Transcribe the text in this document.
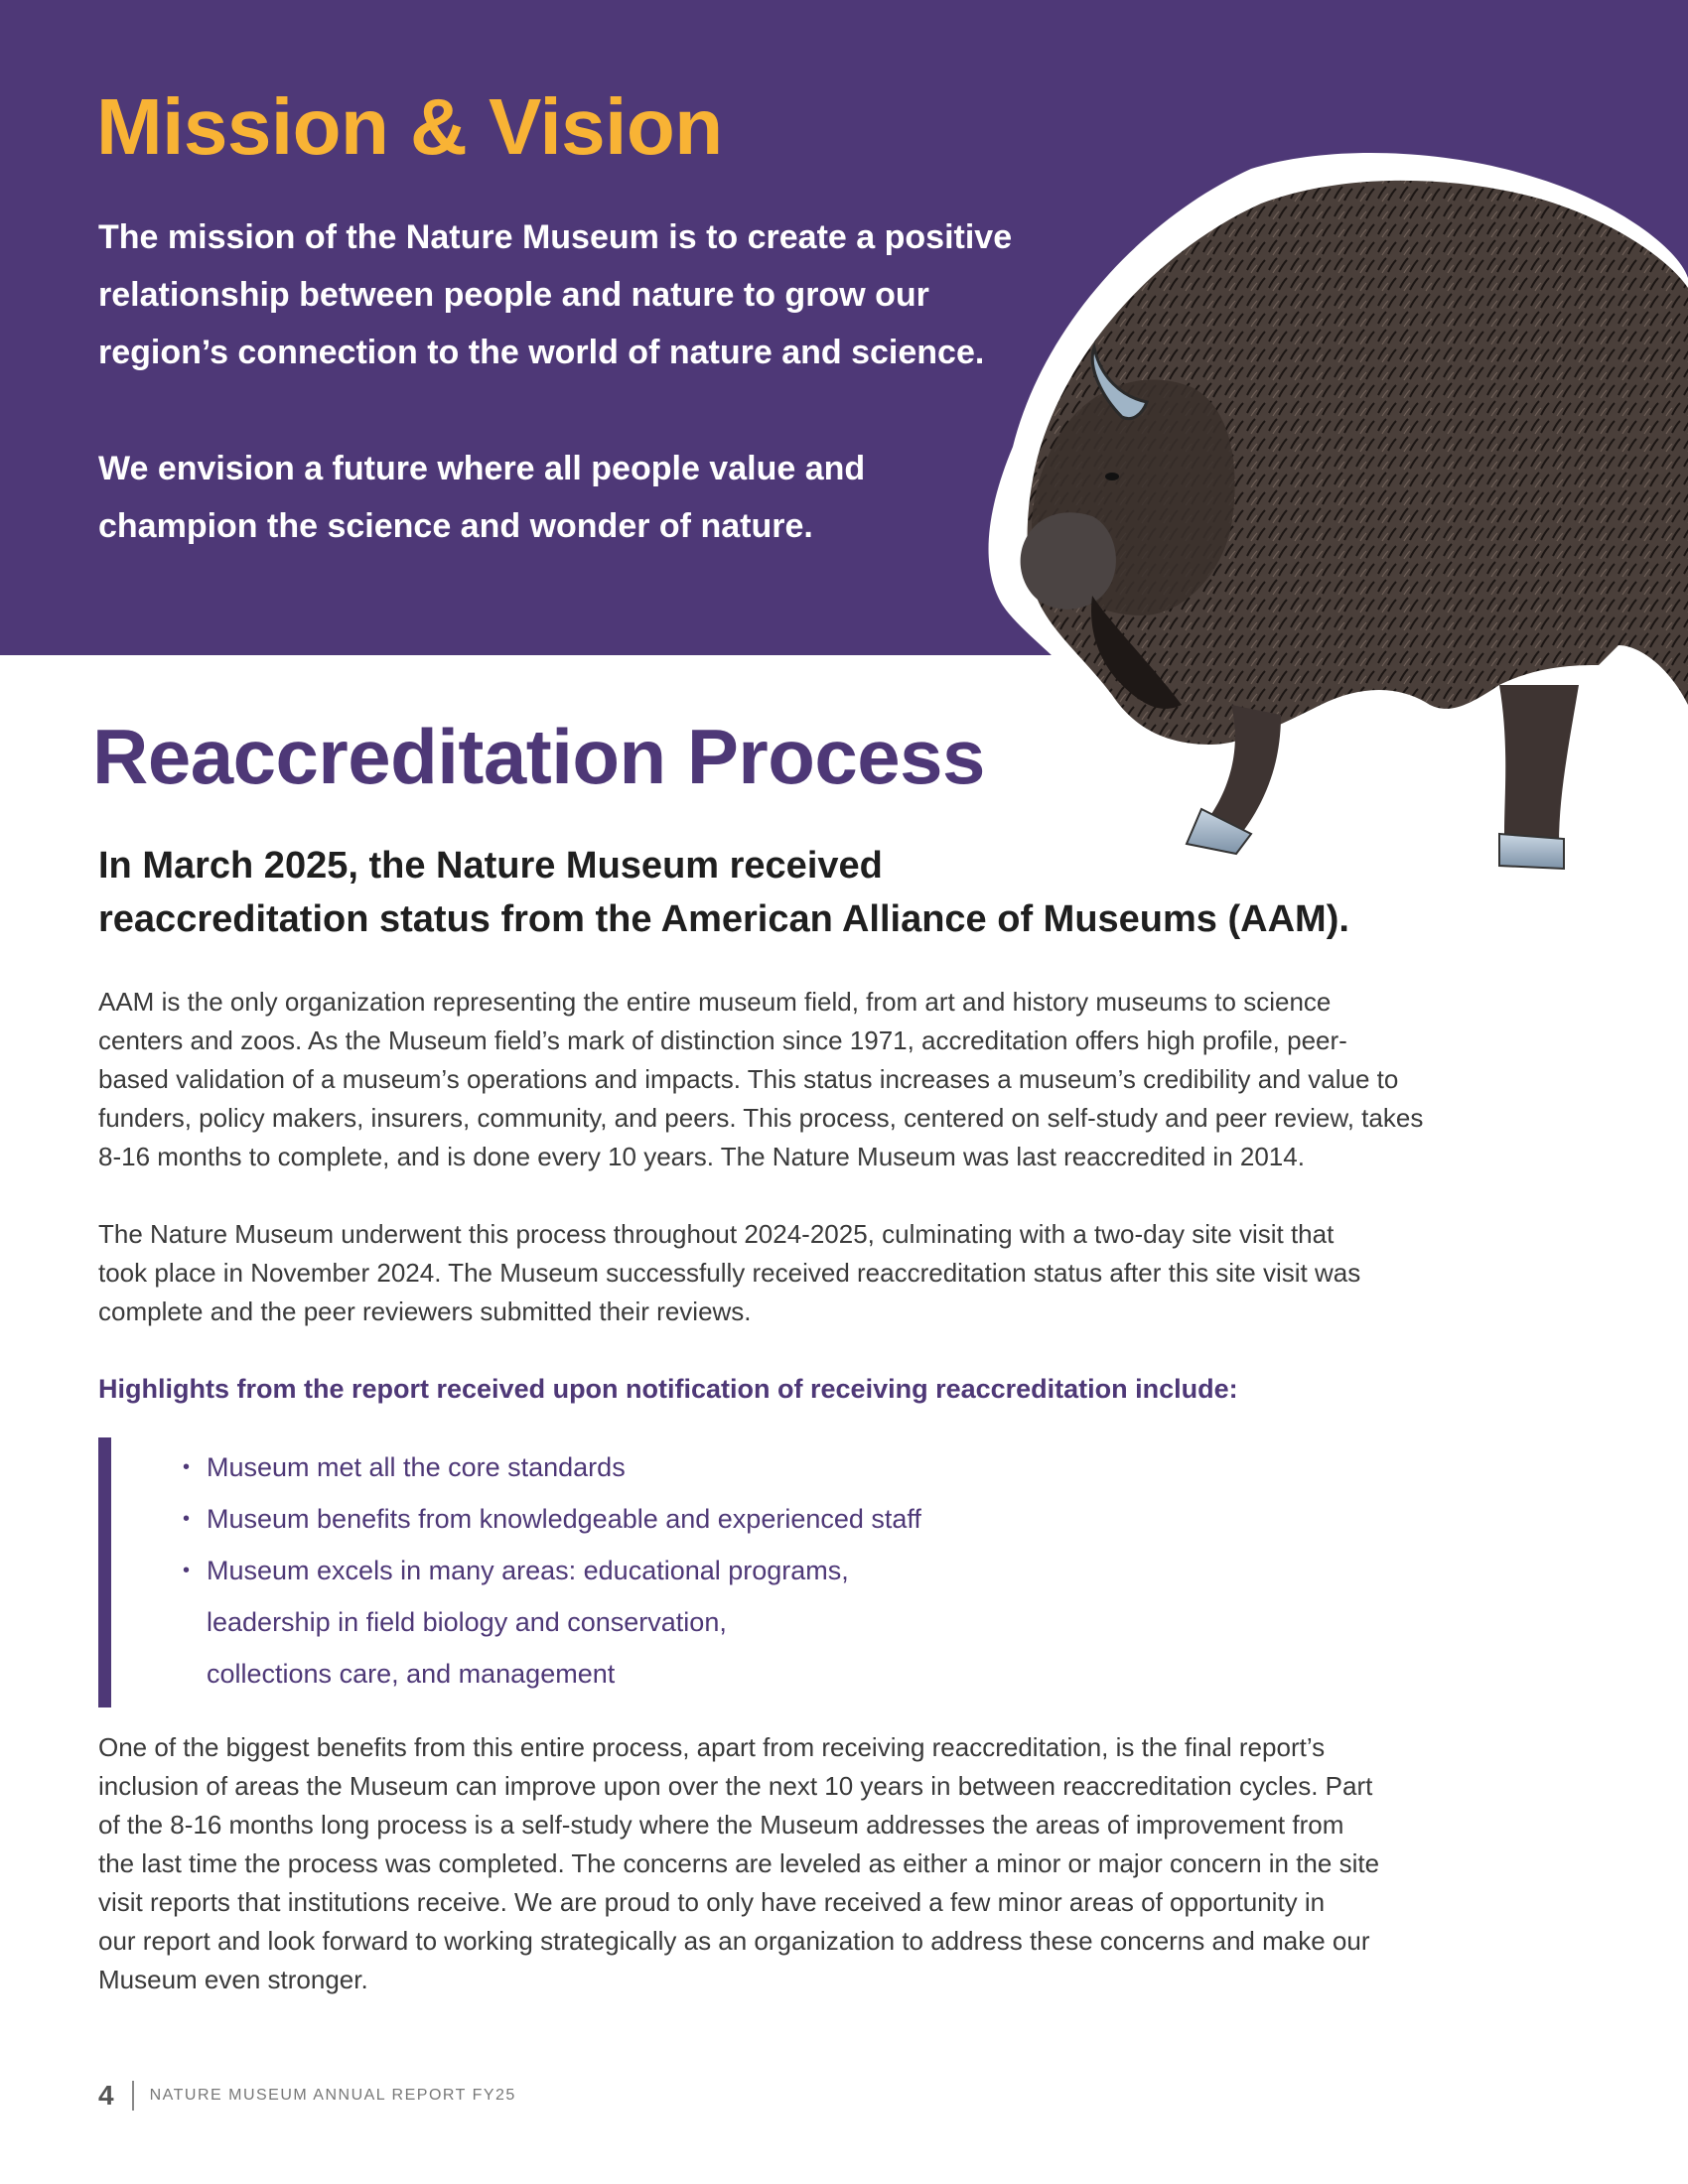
Mission & Vision

The mission of the Nature Museum is to create a positive
relationship between people and nature to grow our
region’s connection to the world of nature and science.

We envision a future where all people value and
champion the science and wonder of nature.

Reaccreditation Process

In March 2025, the Nature Museum received
reaccreditation status from the American Alliance of Museums (AAM).

AAM is the only organization representing the entire museum field, from art and history museums to science
centers and zoos. As the Museum field’s mark of distinction since 1971, accreditation offers high profile, peer-
based validation of a museum’s operations and impacts. This status increases a museum’s credibility and value to
funders, policy makers, insurers, community, and peers. This process, centered on self-study and peer review, takes
8-16 months to complete, and is done every 10 years. The Nature Museum was last reaccredited in 2014.

The Nature Museum underwent this process throughout 2024-2025, culminating with a two-day site visit that
took place in November 2024. The Museum successfully received reaccreditation status after this site visit was
complete and the peer reviewers submitted their reviews.

Highlights from the report received upon notification of receiving reaccreditation include:

• Museum met all the core standards
• Museum benefits from knowledgeable and experienced staff
• Museum excels in many areas: educational programs,
leadership in field biology and conservation,
collections care, and management

One of the biggest benefits from this entire process, apart from receiving reaccreditation, is the final report’s
inclusion of areas the Museum can improve upon over the next 10 years in between reaccreditation cycles. Part
of the 8-16 months long process is a self-study where the Museum addresses the areas of improvement from
the last time the process was completed. The concerns are leveled as either a minor or major concern in the site
visit reports that institutions receive. We are proud to only have received a few minor areas of opportunity in
our report and look forward to working strategically as an organization to address these concerns and make our
Museum even stronger.

4 NATURE MUSEUM ANNUAL REPORT FY25
